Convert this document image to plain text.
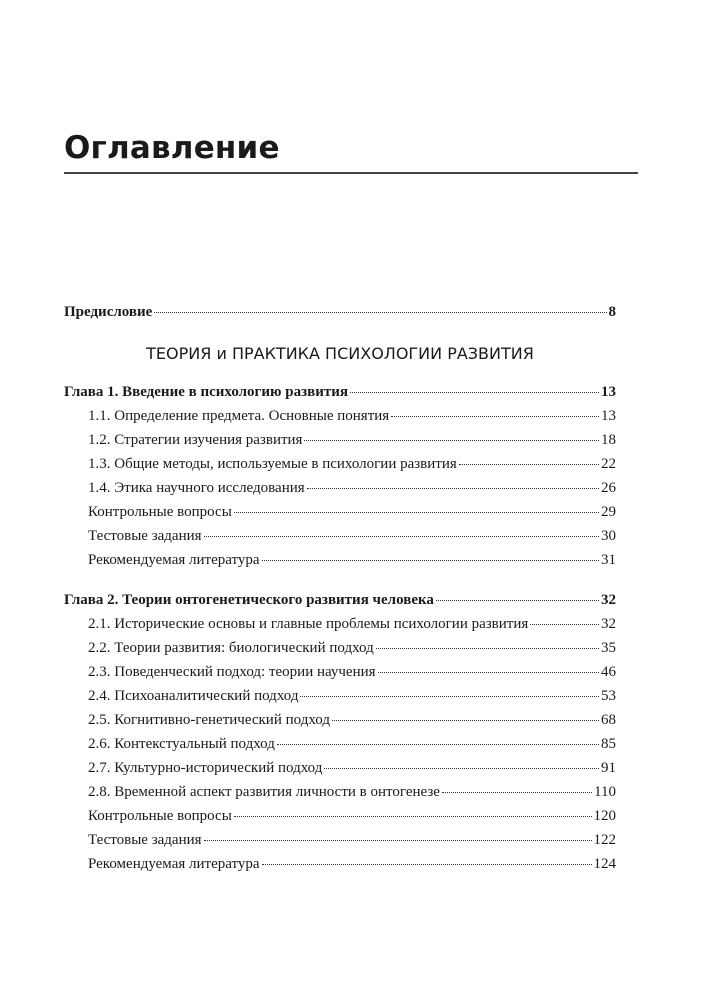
Оглавление
Предисловие	8
ТЕОРИЯ и ПРАКТИКА ПСИХОЛОГИИ РАЗВИТИЯ
Глава 1. Введение в психологию развития	13
1.1. Определение предмета. Основные понятия	13
1.2. Стратегии изучения развития	18
1.3. Общие методы, используемые в психологии развития	22
1.4. Этика научного исследования	26
Контрольные вопросы	29
Тестовые задания	30
Рекомендуемая литература	31
Глава 2. Теории онтогенетического развития человека	32
2.1. Исторические основы и главные проблемы психологии развития	32
2.2. Теории развития: биологический подход	35
2.3. Поведенческий подход: теории научения	46
2.4. Психоаналитический подход	53
2.5. Когнитивно-генетический подход	68
2.6. Контекстуальный подход	85
2.7. Культурно-исторический подход	91
2.8. Временной аспект развития личности в онтогенезе	110
Контрольные вопросы	120
Тестовые задания	122
Рекомендуемая литература	124
